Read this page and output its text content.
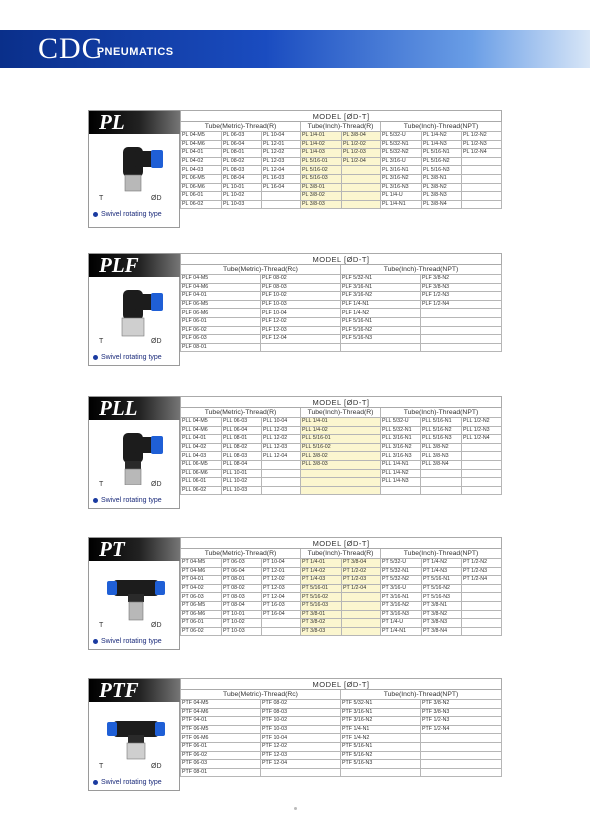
CDC
PNEUMATICS
PL
T	ØD
Swivel rotating type
MODEL [ØD-T]							
Tube(Metric)-Thread(R)			Tube(Inch)-Thread(R)		Tube(Inch)-Thread(NPT)		
PL 04-M5	PL 06-03	PL 10-04	PL 1/4-01	PL 3/8-04	PL 5/32-U	PL 1/4-N2	PL 1/2-N2
PL 04-M6	PL 06-04	PL 12-01	PL 1/4-02	PL 1/2-02	PL 5/32-N1	PL 1/4-N3	PL 1/2-N3
PL 04-01	PL 08-01	PL 12-02	PL 1/4-03	PL 1/2-03	PL 5/32-N2	PL 5/16-N1	PL 1/2-N4
PL 04-02	PL 08-02	PL 12-03	PL 5/16-01	PL 1/2-04	PL 3/16-U	PL 5/16-N2	
PL 04-03	PL 08-03	PL 12-04	PL 5/16-02		PL 3/16-N1	PL 5/16-N3	
PL 06-M5	PL 08-04	PL 16-03	PL 5/16-03		PL 3/16-N2	PL 3/8-N1	
PL 06-M6	PL 10-01	PL 16-04	PL 3/8-01		PL 3/16-N3	PL 3/8-N2	
PL 06-01	PL 10-02		PL 3/8-02		PL 1/4-U	PL 3/8-N3	
PL 06-02	PL 10-03		PL 3/8-03		PL 1/4-N1	PL 3/8-N4	
PLF
T	ØD
Swivel rotating type
MODEL [ØD-T]			
Tube(Metric)-Thread(Rc)		Tube(Inch)-Thread(NPT)	
PLF 04-M5	PLF 08-02	PLF 5/32-N1	PLF 3/8-N2
PLF 04-M6	PLF 08-03	PLF 3/16-N1	PLF 3/8-N3
PLF 04-01	PLF 10-02	PLF 3/16-N2	PLF 1/2-N3
PLF 06-M5	PLF 10-03	PLF 1/4-N1	PLF 1/2-N4
PLF 06-M6	PLF 10-04	PLF 1/4-N2	
PLF 06-01	PLF 12-02	PLF 5/16-N1	
PLF 06-02	PLF 12-03	PLF 5/16-N2	
PLF 06-03	PLF 12-04	PLF 5/16-N3	
PLF 08-01			
PLL
T	ØD
Swivel rotating type
MODEL [ØD-T]						
Tube(Metric)-Thread(R)			Tube(Inch)-Thread(R)	Tube(Inch)-Thread(NPT)		
PLL 04-M5	PLL 06-03	PLL 10-04	PLL 1/4-01	PLL 5/32-U	PLL 5/16-N1	PLL 1/2-N2
PLL 04-M6	PLL 06-04	PLL 12-03	PLL 1/4-02	PLL 5/32-N1	PLL 5/16-N2	PLL 1/2-N3
PLL 04-01	PLL 08-01	PLL 12-02	PLL 5/16-01	PLL 3/16-N1	PLL 5/16-N3	PLL 1/2-N4
PLL 04-02	PLL 08-02	PLL 12-03	PLL 5/16-02	PLL 3/16-N2	PLL 3/8-N2	
PLL 04-03	PLL 08-03	PLL 12-04	PLL 3/8-02	PLL 3/16-N3	PLL 3/8-N3	
PLL 06-M5	PLL 08-04		PLL 3/8-03	PLL 1/4-N1	PLL 3/8-N4	
PLL 06-M6	PLL 10-01			PLL 1/4-N2		
PLL 06-01	PLL 10-02			PLL 1/4-N3		
PLL 06-02	PLL 10-03					
PT
T	ØD
Swivel rotating type
MODEL [ØD-T]							
Tube(Metric)-Thread(R)			Tube(Inch)-Thread(R)		Tube(Inch)-Thread(NPT)		
PT 04-M5	PT 06-03	PT 10-04	PT 1/4-01	PT 3/8-04	PT 5/32-U	PT 1/4-N2	PT 1/2-N2
PT 04-M6	PT 06-04	PT 12-01	PT 1/4-02	PT 1/2-02	PT 5/32-N1	PT 1/4-N3	PT 1/2-N3
PT 04-01	PT 08-01	PT 12-02	PT 1/4-03	PT 1/2-03	PT 5/32-N2	PT 5/16-N1	PT 1/2-N4
PT 04-02	PT 08-02	PT 12-03	PT 5/16-01	PT 1/2-04	PT 3/16-U	PT 5/16-N2	
PT 06-03	PT 08-03	PT 12-04	PT 5/16-02		PT 3/16-N1	PT 5/16-N3	
PT 06-M5	PT 08-04	PT 16-03	PT 5/16-03		PT 3/16-N2	PT 3/8-N1	
PT 06-M6	PT 10-01	PT 16-04	PT 3/8-01		PT 3/16-N3	PT 3/8-N2	
PT 06-01	PT 10-02		PT 3/8-02		PT 1/4-U	PT 3/8-N3	
PT 06-02	PT 10-03		PT 3/8-03		PT 1/4-N1	PT 3/8-N4	
PTF
T	ØD
Swivel rotating type
MODEL [ØD-T]			
Tube(Metric)-Thread(Rc)		Tube(Inch)-Thread(NPT)	
PTF 04-M5	PTF 08-02	PTF 5/32-N1	PTF 3/8-N2
PTF 04-M6	PTF 08-03	PTF 3/16-N1	PTF 3/8-N3
PTF 04-01	PTF 10-02	PTF 3/16-N2	PTF 1/2-N3
PTF 06-M5	PTF 10-03	PTF 1/4-N1	PTF 1/2-N4
PTF 06-M6	PTF 10-04	PTF 1/4-N2	
PTF 06-01	PTF 12-02	PTF 5/16-N1	
PTF 06-02	PTF 12-03	PTF 5/16-N2	
PTF 06-03	PTF 12-04	PTF 5/16-N3	
PTF 08-01			
